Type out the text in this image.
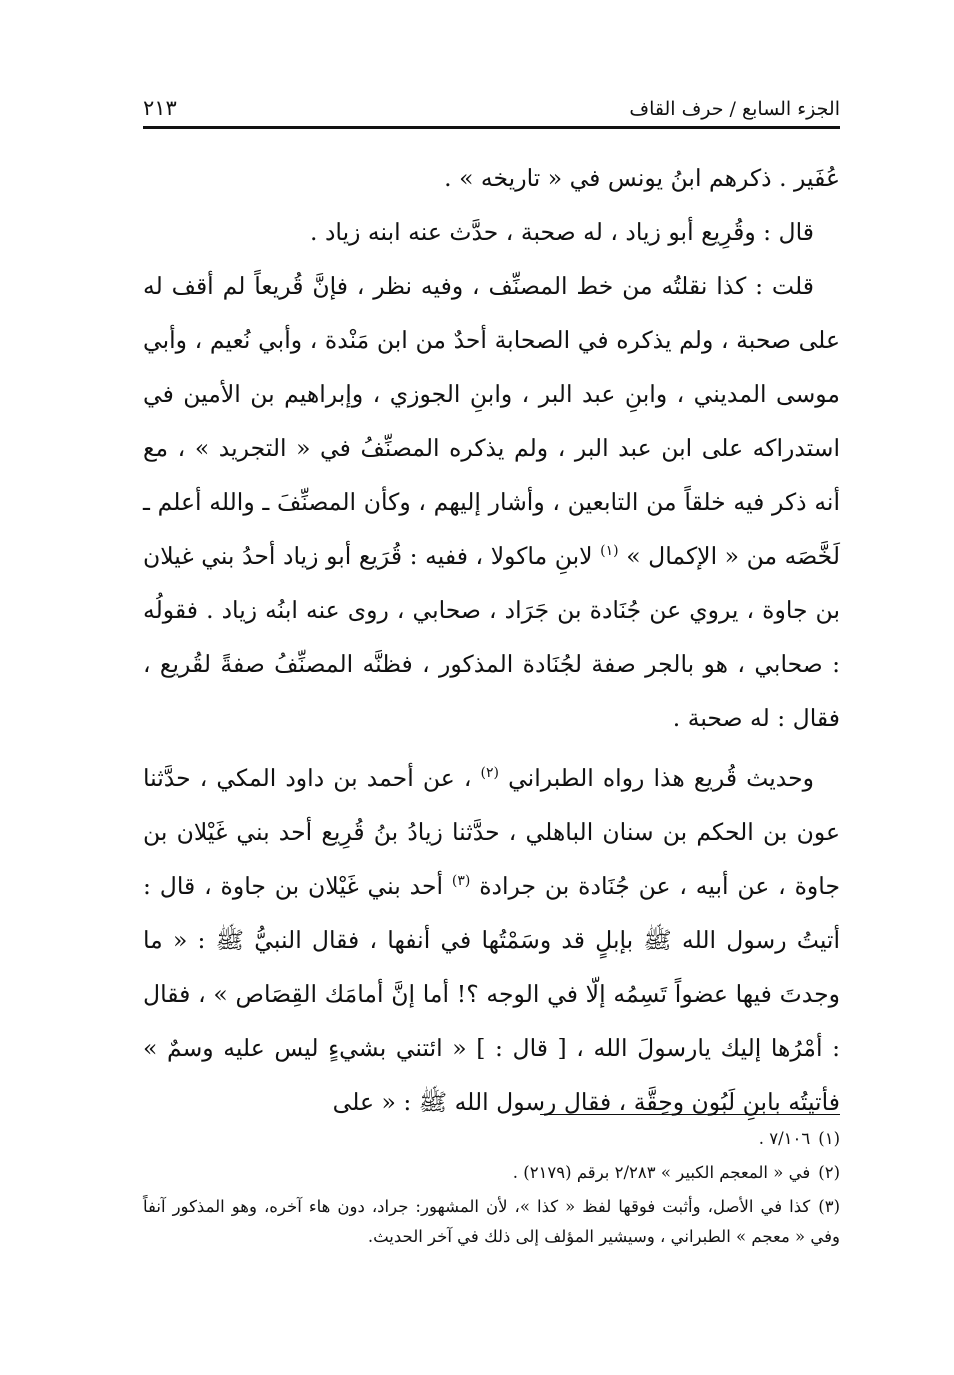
الجزء السابع / حرف القاف
٢١٣

عُفَير . ذكرهم ابنُ يونس في « تاريخه » .

قال : وقُرِيع أبو زياد ، له صحبة ، حدَّث عنه ابنه زياد .

قلت : كذا نقلتُه من خط المصنِّف ، وفيه نظر ، فإنَّ قُريعاً لم أقف له على صحبة ، ولم يذكره في الصحابة أحدٌ من ابن مَنْدة ، وأبي نُعيم ، وأبي موسى المديني ، وابنِ عبد البر ، وابنِ الجوزي ، وإبراهيم بن الأمين في استدراكه على ابن عبد البر ، ولم يذكره المصنِّفُ في « التجريد » ، مع أنه ذكر فيه خلقاً من التابعين ، وأشار إليهم ، وكأن المصنِّفَ ـ والله أعلم ـ لَخَّصَه من « الإكمال » $^{(١)}$ لابنِ ماكولا ، ففيه : قُرَيع أبو زياد أحدُ بني غيلان بن جاوة ، يروي عن جُنَادة بن جَرَاد ، صحابي ، روى عنه ابنُه زياد . فقولُه : صحابي ، هو بالجر صفة لجُنَادة المذكور ، فظنَّه المصنِّفُ صفةً لقُريع ، فقال : له صحبة .

وحديث قُريع هذا رواه الطبراني $^{(٢)}$ ، عن أحمد بن داود المكي ، حدَّثنا عون بن الحكم بن سنان الباهلي ، حدَّثنا زيادُ بنُ قُرِيع أحد بني غَيْلان بن جاوة ، عن أبيه ، عن جُنَادة بن جرادة $^{(٣)}$ أحد بني غَيْلان بن جاوة ، قال : أتيتُ رسول الله ﷺ بإبلٍ قد وسَمْتُها في أنفها ، فقال النبيُّ ﷺ : « ما وجدتَ فيها عضواً تَسِمُه إلّا في الوجه ؟! أما إنَّ أمامَك القِصَاص » ، فقال : أمْرُها إليك يارسولَ الله ، [ قال : ] « ائتني بشيءٍ ليس عليه وسمٌ » فأتيتُه بابنِ لَبُون وحِقَّة ، فقال رسول الله ﷺ : « على

(١)٧/١٠٦ .

(٢)في « المعجم الكبير » ٢/٢٨٣ برقم (٢١٧٩) .

(٣)كذا في الأصل، وأثبت فوقها لفظ « كذا »، لأن المشهور: جراد، دون هاء آخره، وهو المذكور آنفاً وفي « معجم » الطبراني ، وسيشير المؤلف إلى ذلك في آخر الحديث.
